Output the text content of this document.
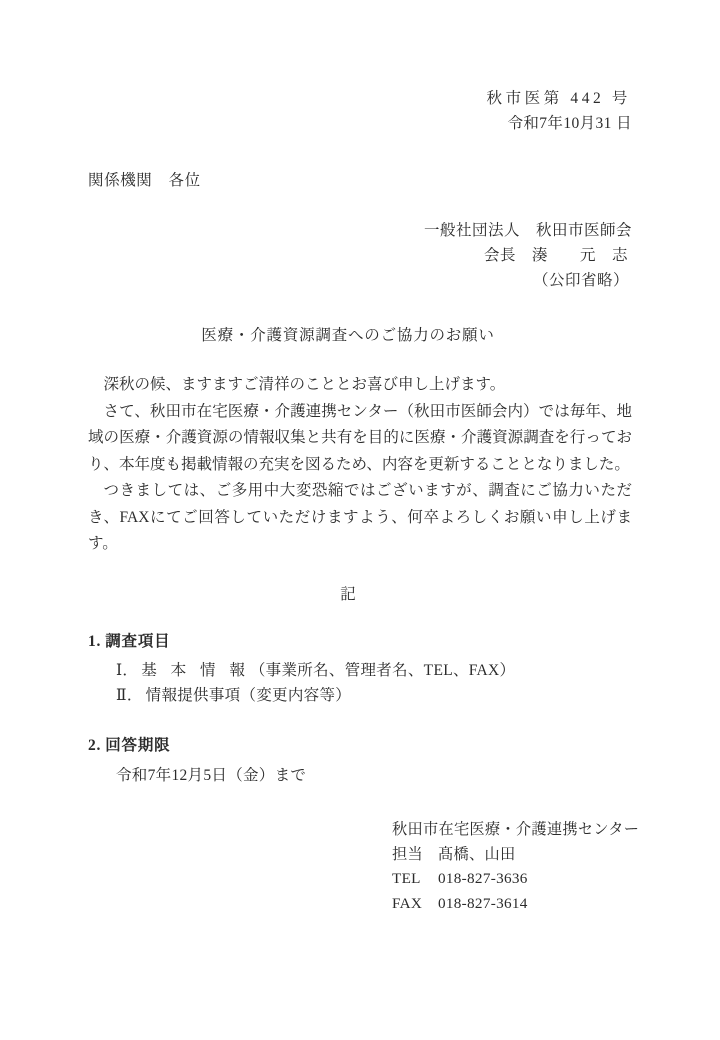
秋市医第 442 号
令和7年10月31 日
関係機関　各位
一般社団法人　秋田市医師会
会長　湊　　元　志
（公印省略）
医療・介護資源調査へのご協力のお願い

深秋の候、ますますご清祥のこととお喜び申し上げます。

さて、秋田市在宅医療・介護連携センター（秋田市医師会内）では毎年、地域の医療・介護資源の情報収集と共有を目的に医療・介護資源調査を行っており、本年度も掲載情報の充実を図るため、内容を更新することとなりました。

つきましては、ご多用中大変恐縮ではございますが、調査にご協力いただき、FAXにてご回答していただけますよう、何卒よろしくお願い申し上げます。

記
1. 調査項目
Ⅰ． 基 本 情 報（事業所名、管理者名、TEL、FAX）
Ⅱ． 情報提供事項（変更内容等）
2. 回答期限
令和7年12月5日（金）まで
秋田市在宅医療・介護連携センター
担当 髙橋、山田
TEL 018-827-3636
FAX 018-827-3614
